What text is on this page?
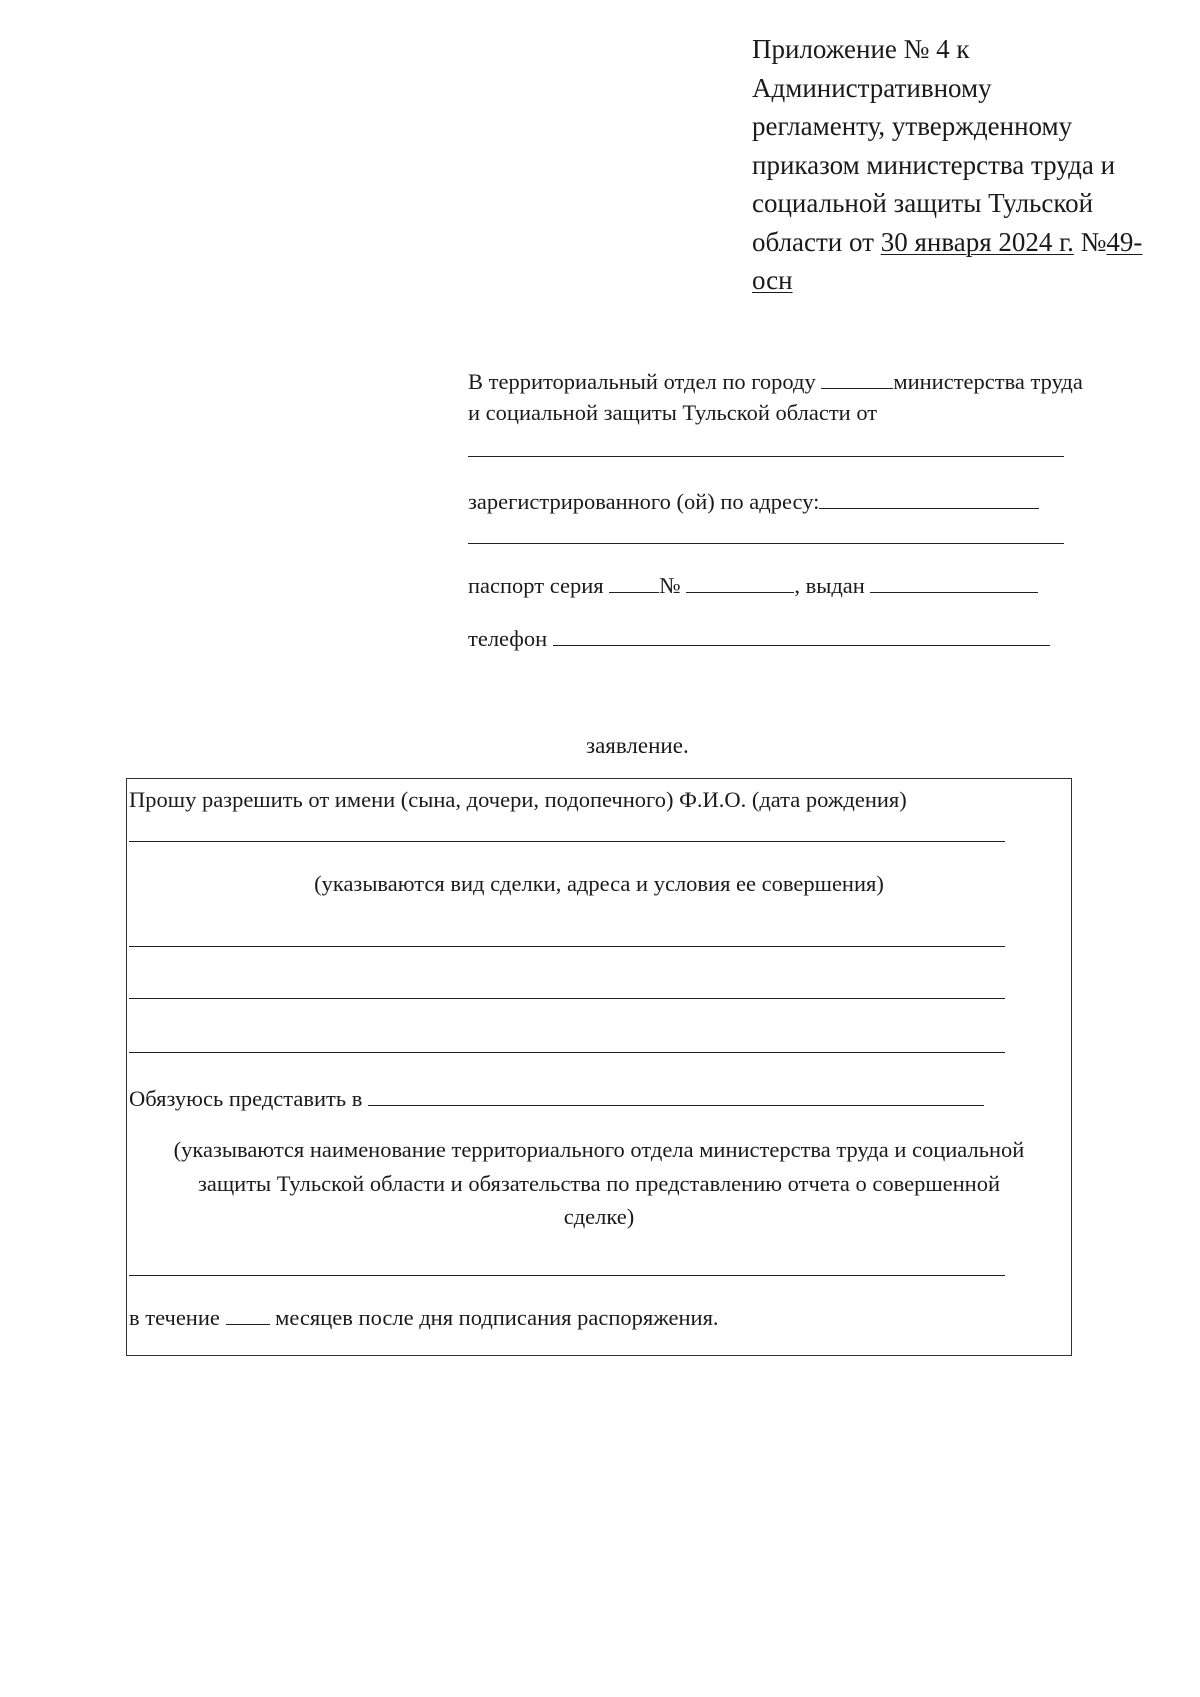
Приложение № 4 к
Административному
регламенту, утвержденному
приказом министерства труда и
социальной защиты Тульской
области от 30 января 2024 г. №49-
осн
В территориальный отдел по городу	министерства труда
и социальной защиты Тульской области от
зарегистрированного (ой) по адресу:
паспорт серия №	, выдан
телефон
заявление.
Прошу разрешить от имени (сына, дочери, подопечного) Ф.И.О. (дата рождения)
(указываются вид сделки, адреса и условия ее совершения)
Обязуюсь представить в
(указываются наименование территориального отдела министерства труда и социальной
защиты Тульской области и обязательства по представлению отчета о совершенной
сделке)
в течение  месяцев после дня подписания распоряжения.
